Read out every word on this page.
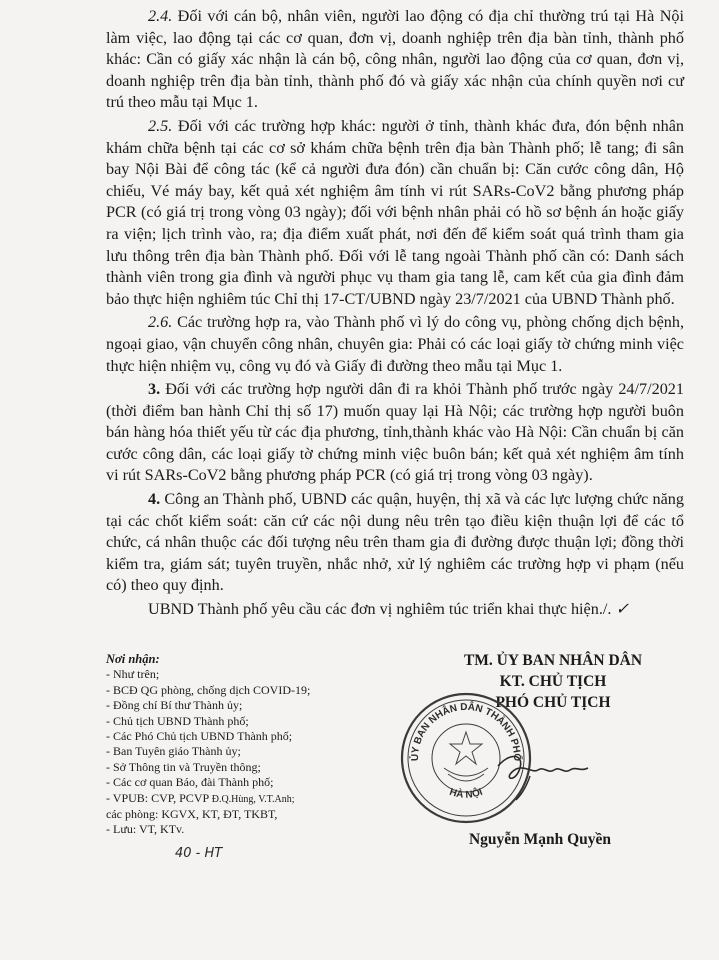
2.4. Đối với cán bộ, nhân viên, người lao động có địa chỉ thường trú tại Hà Nội làm việc, lao động tại các cơ quan, đơn vị, doanh nghiệp trên địa bàn tỉnh, thành phố khác: Cần có giấy xác nhận là cán bộ, công nhân, người lao động của cơ quan, đơn vị, doanh nghiệp trên địa bàn tỉnh, thành phố đó và giấy xác nhận của chính quyền nơi cư trú theo mẫu tại Mục 1.

2.5. Đối với các trường hợp khác: người ở tỉnh, thành khác đưa, đón bệnh nhân khám chữa bệnh tại các cơ sở khám chữa bệnh trên địa bàn Thành phố; lễ tang; đi sân bay Nội Bài để công tác (kể cả người đưa đón) cần chuẩn bị: Căn cước công dân, Hộ chiếu, Vé máy bay, kết quả xét nghiệm âm tính vi rút SARs-CoV2 bằng phương pháp PCR (có giá trị trong vòng 03 ngày); đối với bệnh nhân phải có hồ sơ bệnh án hoặc giấy ra viện; lịch trình vào, ra; địa điểm xuất phát, nơi đến để kiểm soát quá trình tham gia lưu thông trên địa bàn Thành phố. Đối với lễ tang ngoài Thành phố cần có: Danh sách thành viên trong gia đình và người phục vụ tham gia tang lễ, cam kết của gia đình đảm bảo thực hiện nghiêm túc Chỉ thị 17-CT/UBND ngày 23/7/2021 của UBND Thành phố.

2.6. Các trường hợp ra, vào Thành phố vì lý do công vụ, phòng chống dịch bệnh, ngoại giao, vận chuyển công nhân, chuyên gia: Phải có các loại giấy tờ chứng minh việc thực hiện nhiệm vụ, công vụ đó và Giấy đi đường theo mẫu tại Mục 1.

3. Đối với các trường hợp người dân đi ra khỏi Thành phố trước ngày 24/7/2021 (thời điểm ban hành Chỉ thị số 17) muốn quay lại Hà Nội; các trường hợp người buôn bán hàng hóa thiết yếu từ các địa phương, tỉnh,thành khác vào Hà Nội: Cần chuẩn bị căn cước công dân, các loại giấy tờ chứng minh việc buôn bán; kết quả xét nghiệm âm tính vi rút SARs-CoV2 bằng phương pháp PCR (có giá trị trong vòng 03 ngày).

4. Công an Thành phố, UBND các quận, huyện, thị xã và các lực lượng chức năng tại các chốt kiểm soát: căn cứ các nội dung nêu trên tạo điều kiện thuận lợi để các tổ chức, cá nhân thuộc các đối tượng nêu trên tham gia đi đường được thuận lợi; đồng thời kiểm tra, giám sát; tuyên truyền, nhắc nhở, xử lý nghiêm các trường hợp vi phạm (nếu có) theo quy định.

UBND Thành phố yêu cầu các đơn vị nghiêm túc triển khai thực hiện./. ✓

Nơi nhận:
- Như trên;
- BCĐ QG phòng, chống dịch COVID-19;
- Đồng chí Bí thư Thành ủy;
- Chủ tịch UBND Thành phố;
- Các Phó Chủ tịch UBND Thành phố;
- Ban Tuyên giáo Thành ủy;
- Sở Thông tin và Truyền thông;
- Các cơ quan Báo, đài Thành phố;
- VPUB: CVP, PCVP Đ.Q.Hùng, V.T.Anh;
các phòng: KGVX, KT, ĐT, TKBT,
- Lưu: VT, KTv.
40 - HT
TM. ỦY BAN NHÂN DÂN
KT. CHỦ TỊCH
PHÓ CHỦ TỊCH
ỦY BAN NHÂN DÂN THÀNH PHỐ
HÀ NỘI
Nguyễn Mạnh Quyền
